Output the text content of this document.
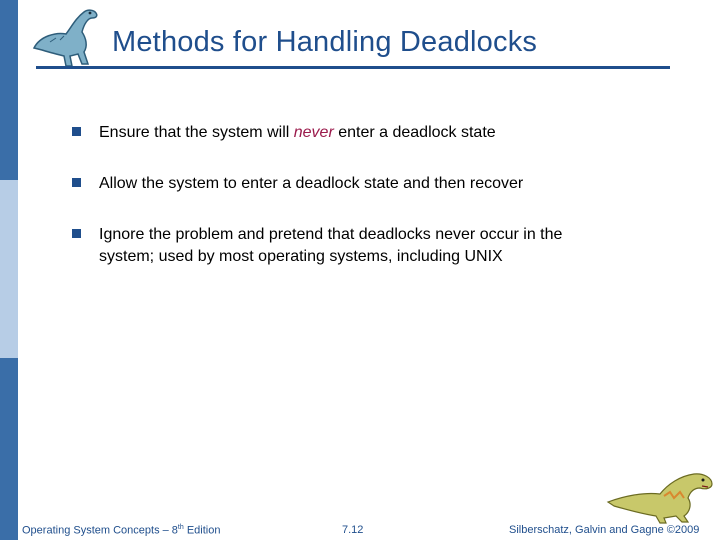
Methods for Handling Deadlocks
Ensure that the system will never enter a deadlock state
Allow the system to enter a deadlock state and then recover
Ignore the problem and pretend that deadlocks never occur in the
system; used by most operating systems, including UNIX
Operating System Concepts – 8th Edition	7.12	Silberschatz, Galvin and Gagne ©2009
